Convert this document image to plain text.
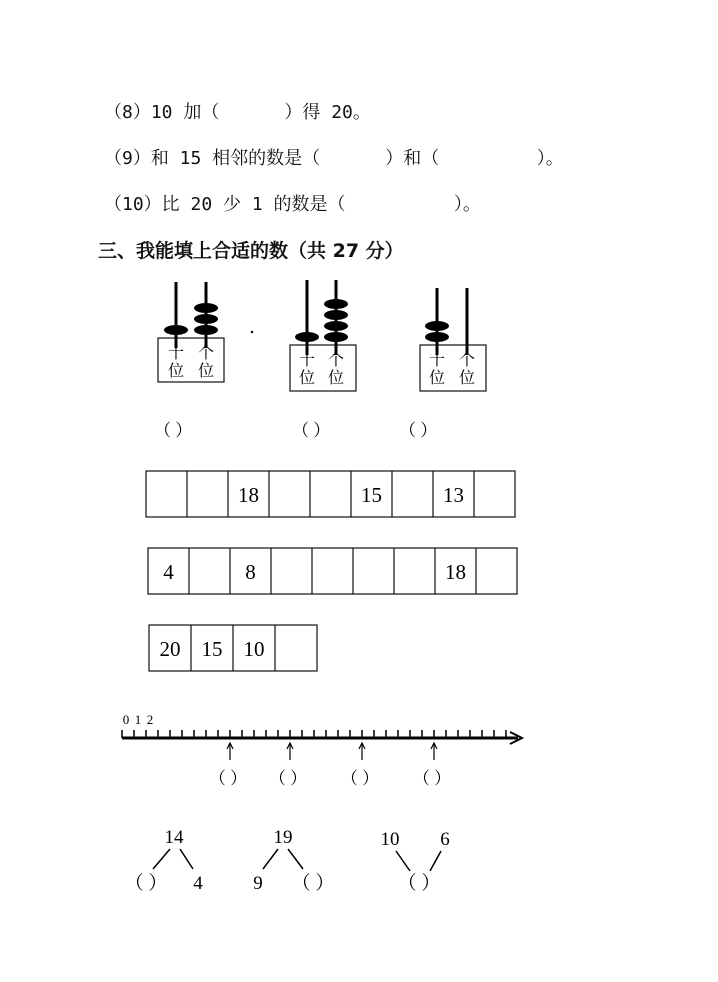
（8）10 加（      ）得 20。
（9）和 15 相邻的数是（      ）和（         ）。
（10）比 20 少 1 的数是（          ）。
三、我能填上合适的数（共 27 分）
十
位
个
位
（ ）
十
位
个
位
（ ）
十
位
个
位
（ ）
18	15	13
4	8	18
20 15 10
0 1 2
（ ） （ ） （ ） （ ）
14
（ ） 4
19
9 （ ）
10 6
（ ）
